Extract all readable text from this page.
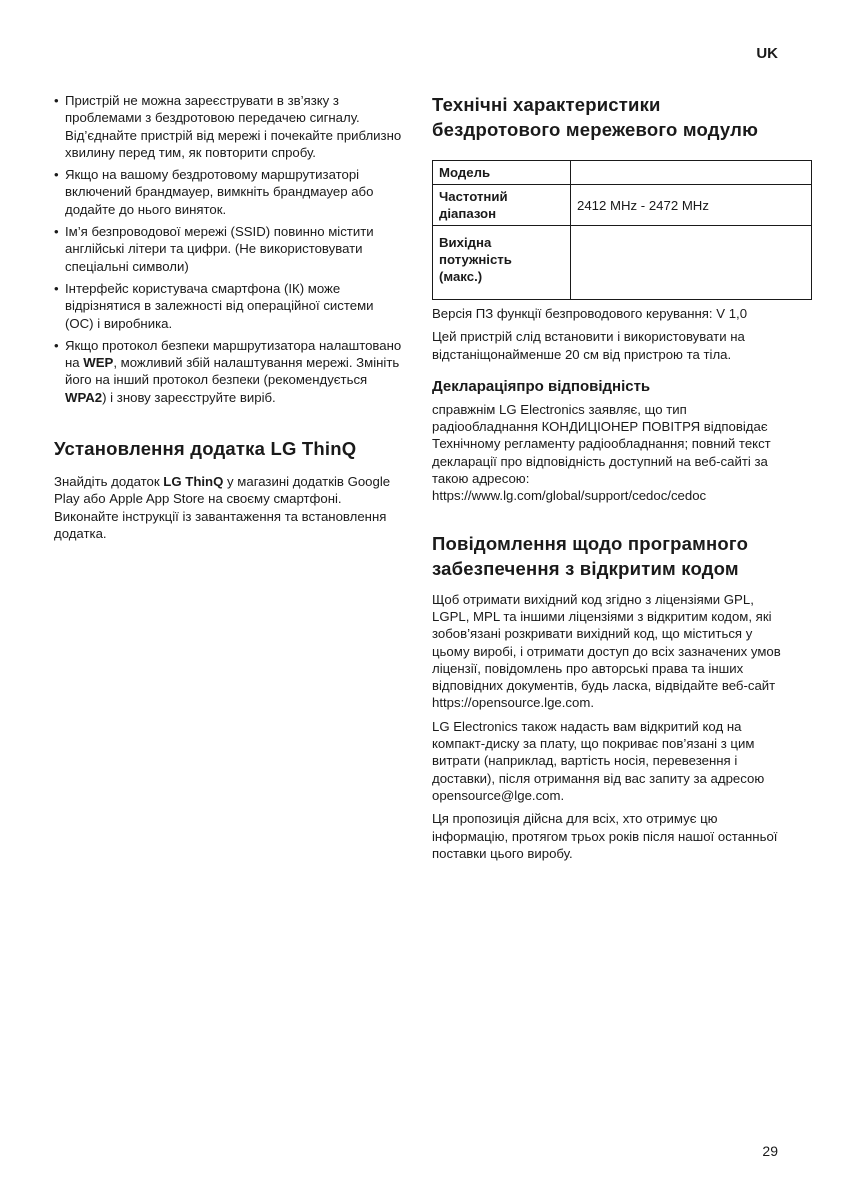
UK
• Пристрій не можна зареєструвати в зв’язку з проблемами з бездротовою передачею сигналу. Від’єднайте пристрій від мережі і почекайте приблизно хвилину перед тим, як повторити спробу.
• Якщо на вашому бездротовому маршрутизаторі включений брандмауер, вимкніть брандмауер або додайте до нього виняток.
• Ім’я безпроводової мережі (SSID) повинно містити англійські літери та цифри. (Не використовувати спеціальні символи)
• Інтерфейс користувача смартфона (ІК) може відрізнятися в залежності від операційної системи (ОС) і виробника.
• Якщо протокол безпеки маршрутизатора налаштовано на WEP, можливий збій налаштування мережі. Змініть його на інший протокол безпеки (рекомендується WPA2) і знову зареєструйте виріб.
Установлення додатка LG ThinQ

Знайдіть додаток LG ThinQ у магазині додатків Google Play або Apple App Store на своєму смартфоні. Виконайте інструкції із завантаження та встановлення додатка.

Технічні характеристики
бездротового мережевого модулю
Модель	
Частотний
діапазон	2412 MHz - 2472 MHz
Вихідна
потужність
(макс.)	

Версія ПЗ функції безпроводового керування: V 1,0

Цей пристрій слід встановити і використовувати на відстаніщонайменше 20 см від пристрою та тіла.

Деклараціяпро відповідність

справжнім LG Electronics заявляє, що тип радіообладнання КОНДИЦІОНЕР ПОВІТРЯ відповідає Технічному регламенту радіообладнання; повний текст декларації про відповідність доступний на веб-сайті за такою адресою:

https://www.lg.com/global/support/cedoc/cedoc

Повідомлення щодо програмного
забезпечення з відкритим кодом

Щоб отримати вихідний код згідно з ліцензіями GPL, LGPL, MPL та іншими ліцензіями з відкритим кодом, які зобов’язані розкривати вихідний код, що міститься у цьому виробі, і отримати доступ до всіх зазначених умов ліцензії, повідомлень про авторські права та інших відповідних документів, будь ласка, відвідайте веб-сайт https://opensource.lge.com.

LG Electronics також надасть вам відкритий код на компакт-диску за плату, що покриває пов’язані з цим витрати (наприклад, вартість носія, перевезення і доставки), після отримання від вас запиту за адресою opensource@lge.com.

Ця пропозиція дійсна для всіх, хто отримує цю інформацію, протягом трьох років після нашої останньої поставки цього виробу.

29
